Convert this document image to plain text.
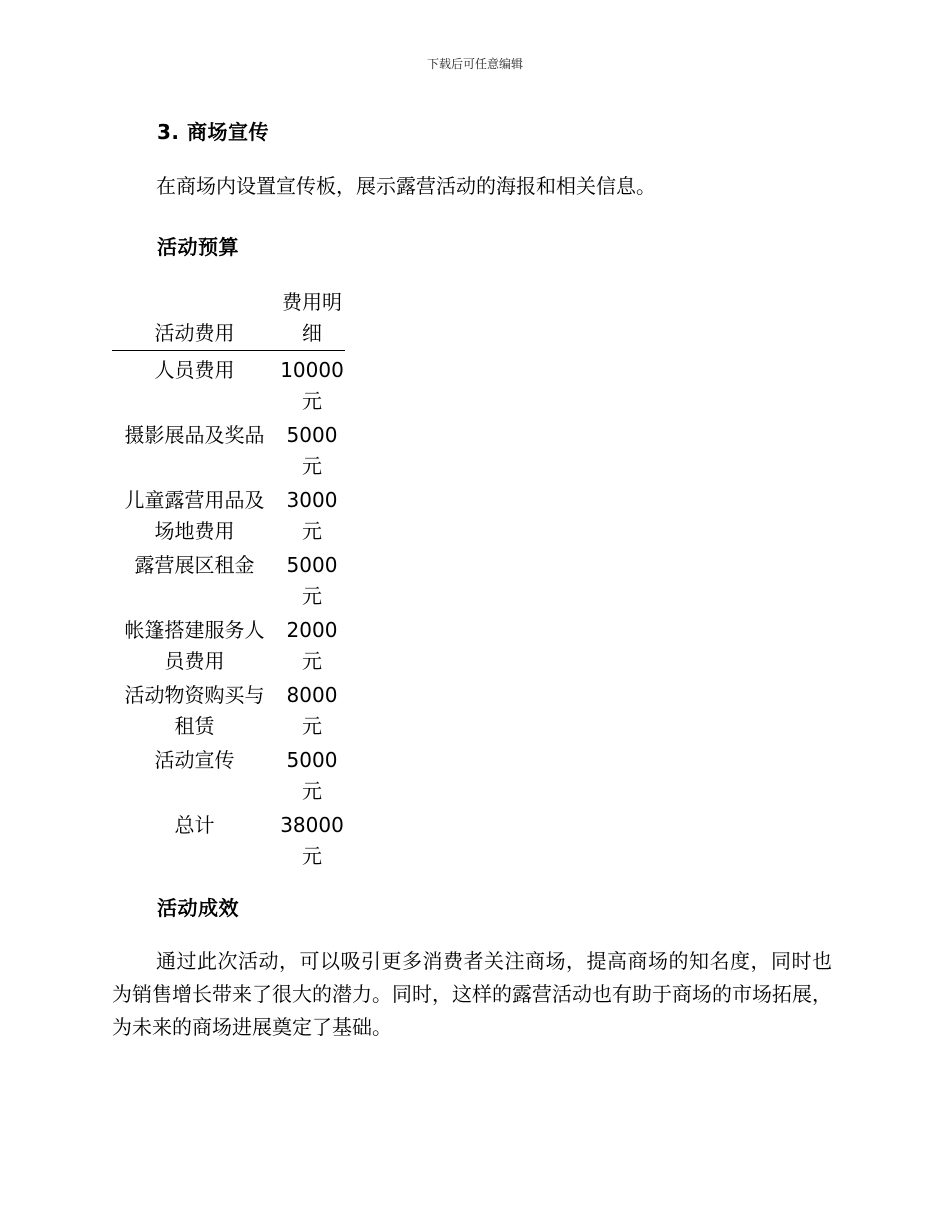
下载后可任意编辑
3. 商场宣传
在商场内设置宣传板，展示露营活动的海报和相关信息。
活动预算
活动费用	费用明细
人员费用	10000元
摄影展品及奖品	5000元
儿童露营用品及场地费用	3000元
露营展区租金	5000元
帐篷搭建服务人员费用	2000元
活动物资购买与租赁	8000元
活动宣传	5000元
总计	38000元
活动成效
通过此次活动，可以吸引更多消费者关注商场，提高商场的知名度，同时也为销售增长带来了很大的潜力。同时，这样的露营活动也有助于商场的市场拓展，为未来的商场进展奠定了基础。
